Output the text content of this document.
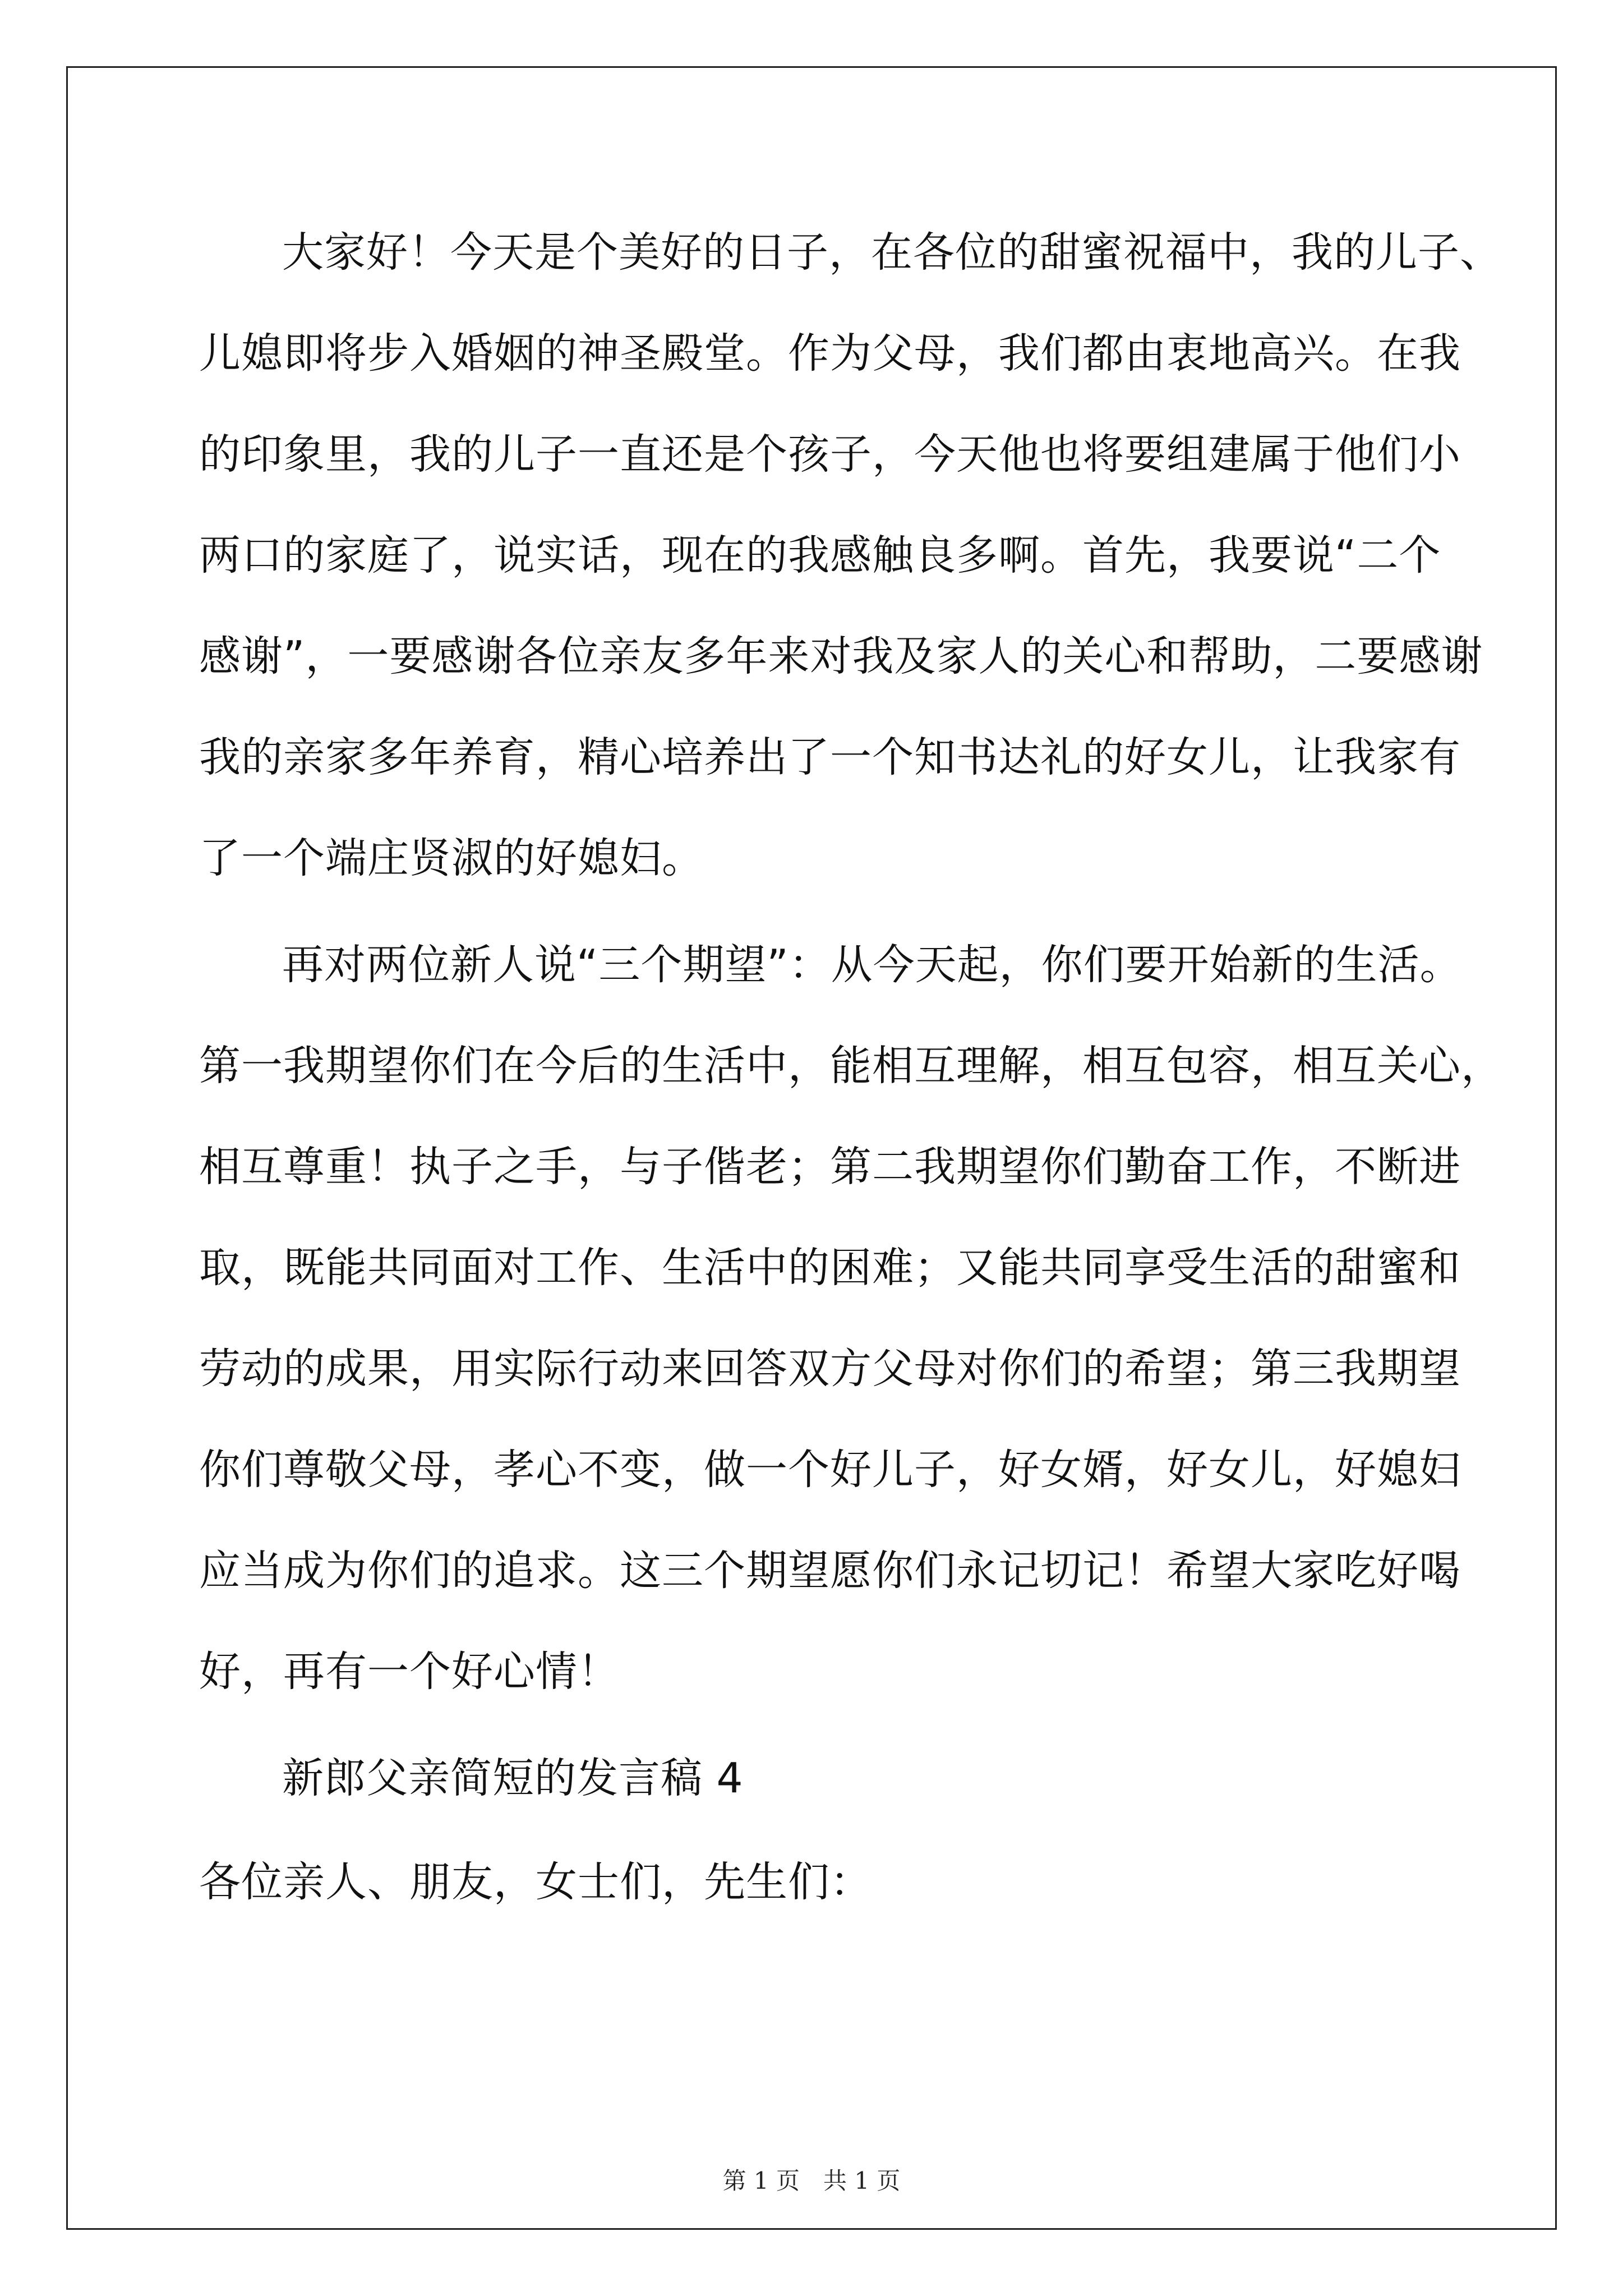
大家好！今天是个美好的日子，在各位的甜蜜祝福中，我的儿子、
儿媳即将步入婚姻的神圣殿堂。作为父母，我们都由衷地高兴。在我
的印象里，我的儿子一直还是个孩子，今天他也将要组建属于他们小
两口的家庭了，说实话，现在的我感触良多啊。首先，我要说“二个
感谢”，一要感谢各位亲友多年来对我及家人的关心和帮助，二要感谢
我的亲家多年养育，精心培养出了一个知书达礼的好女儿，让我家有
了一个端庄贤淑的好媳妇。
再对两位新人说“三个期望”：从今天起，你们要开始新的生活。
第一我期望你们在今后的生活中，能相互理解，相互包容，相互关心，
相互尊重！执子之手，与子偕老；第二我期望你们勤奋工作，不断进
取，既能共同面对工作、生活中的困难；又能共同享受生活的甜蜜和
劳动的成果，用实际行动来回答双方父母对你们的希望；第三我期望
你们尊敬父母，孝心不变，做一个好儿子，好女婿，好女儿，好媳妇
应当成为你们的追求。这三个期望愿你们永记切记！希望大家吃好喝
好，再有一个好心情！
新郎父亲简短的发言稿 4
各位亲人、朋友，女士们，先生们：
第 1 页　共 1 页
